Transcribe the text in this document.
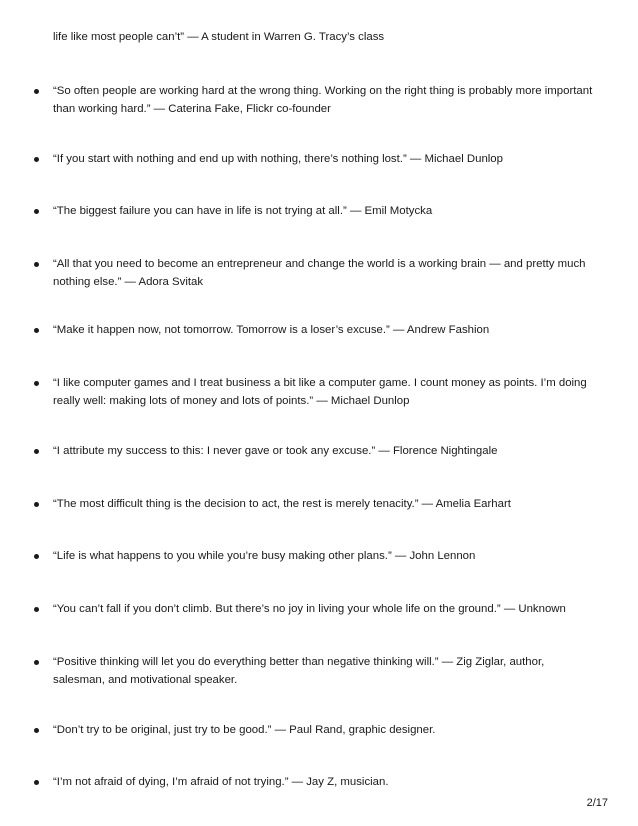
life like most people can’t” — A student in Warren G. Tracy’s class

“So often people are working hard at the wrong thing. Working on the right thing is probably more important than working hard.” — Caterina Fake, Flickr co-founder
“If you start with nothing and end up with nothing, there’s nothing lost.” — Michael Dunlop
“The biggest failure you can have in life is not trying at all.” — Emil Motycka
“All that you need to become an entrepreneur and change the world is a working brain — and pretty much nothing else.” — Adora Svitak
“Make it happen now, not tomorrow. Tomorrow is a loser’s excuse.” — Andrew Fashion
“I like computer games and I treat business a bit like a computer game. I count money as points. I’m doing really well: making lots of money and lots of points.” — Michael Dunlop
“I attribute my success to this: I never gave or took any excuse.” — Florence Nightingale
“The most difficult thing is the decision to act, the rest is merely tenacity.” — Amelia Earhart
“Life is what happens to you while you’re busy making other plans.” — John Lennon
“You can’t fall if you don’t climb. But there’s no joy in living your whole life on the ground.” — Unknown
“Positive thinking will let you do everything better than negative thinking will.” — Zig Ziglar, author, salesman, and motivational speaker.
“Don’t try to be original, just try to be good.” — Paul Rand, graphic designer.
“I’m not afraid of dying, I’m afraid of not trying.” — Jay Z, musician.
2/17
